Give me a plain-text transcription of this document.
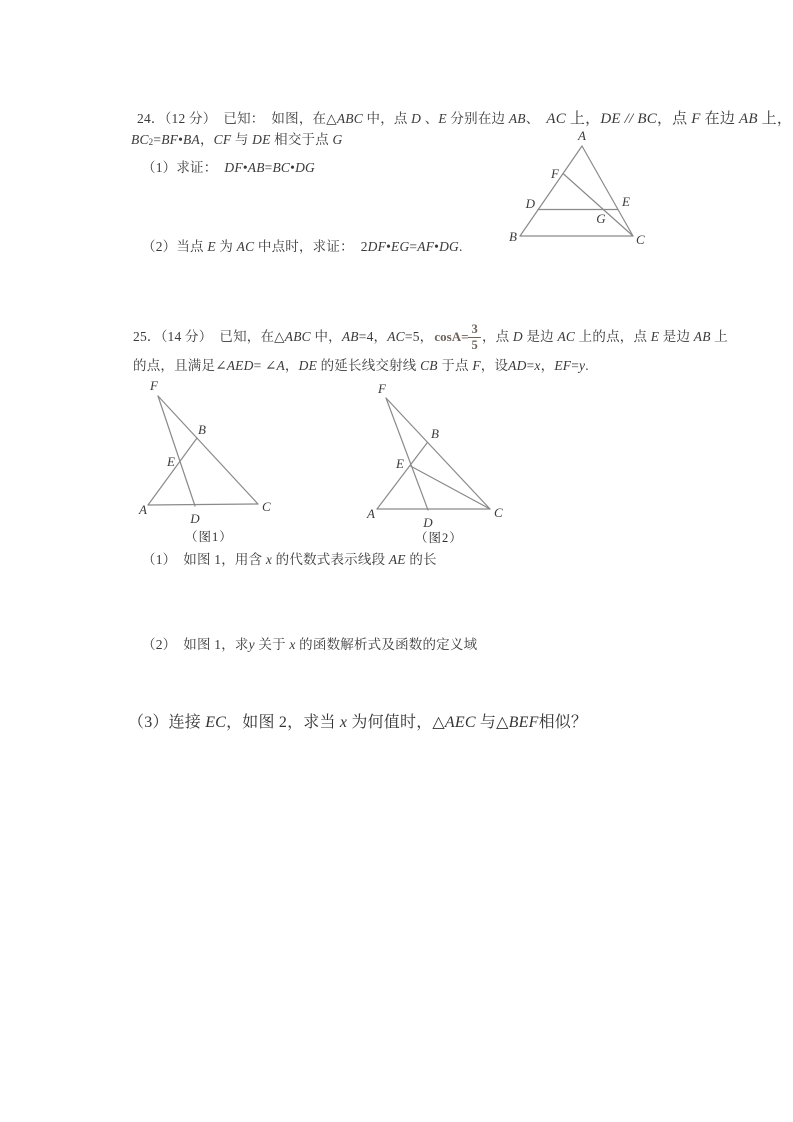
24．（12 分）　已知：　如图，在△ABC 中，点 D 、E 分别在边 AB、　 AC 上，DE // BC，点 F 在边 AB 上，
BC2=BF•BA，CF 与 DE 相交于点 G
（1）求证：　DF•AB=BC•DG
（2）当点 E 为 AC 中点时，求证：　2DF•EG=AF•DG.
A
F
D	E
G
B	C
25．（14 分）　已知，在△ABC 中，AB=4，AC=5， $\cos A= \frac{3}{5}$ ，点 D 是边 AC 上的点，点 E 是边 AB 上
的点，且满足∠AED= ∠A，DE 的延长线交射线 CB 于点 F，设AD=x，EF=y.
F
B
E
A
D
C
（图1）
F
B
E
A
D
C
（图2）
（1）　如图 1，用含 x 的代数式表示线段 AE 的长
（2）　如图 1，求y 关于 x 的函数解析式及函数的定义域
（3）连接 EC，如图 2，求当 x 为何值时，△AEC 与△BEF相似？
